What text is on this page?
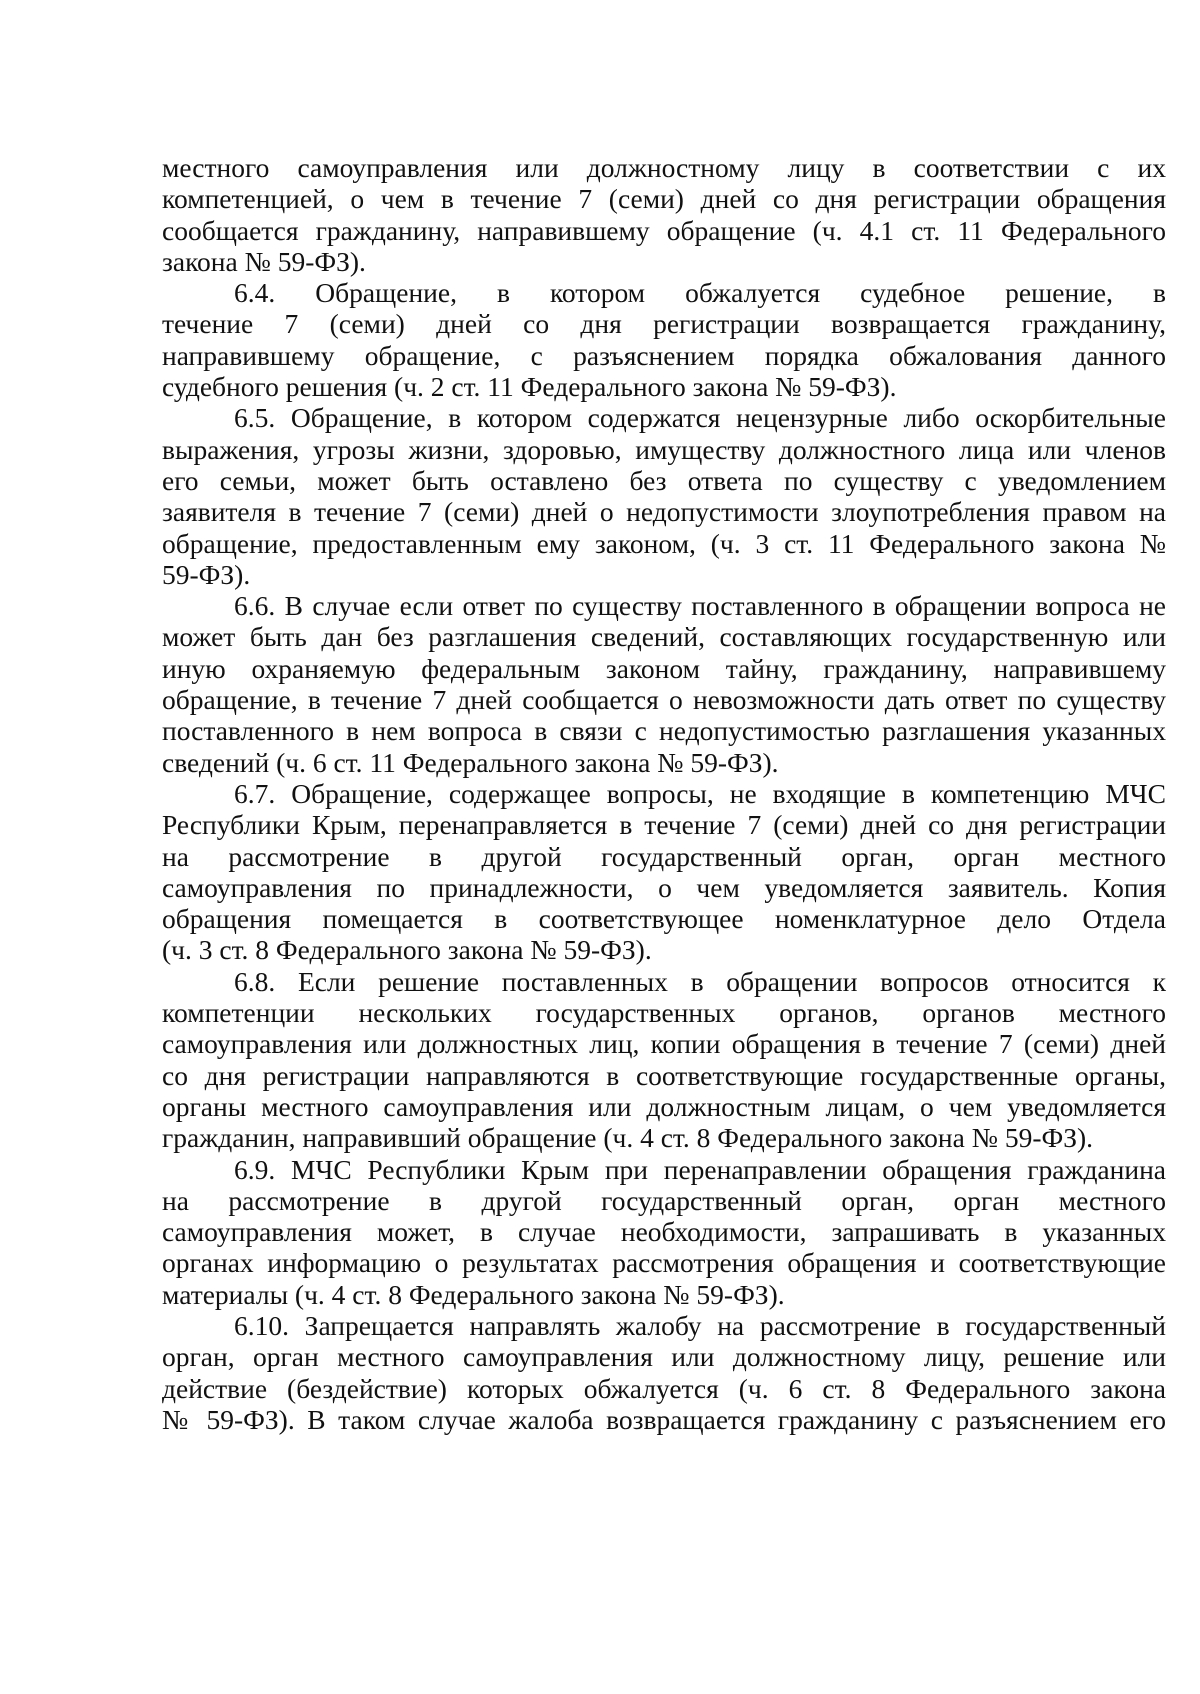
местного самоуправления или должностному лицу в соответствии с их
компетенцией, о чем в течение 7 (семи) дней со дня регистрации обращения
сообщается гражданину, направившему обращение (ч. 4.1 ст. 11 Федерального
закона № 59-ФЗ).
6.4. Обращение, в котором обжалуется судебное решение, в
течение 7 (семи) дней со дня регистрации возвращается гражданину,
направившему обращение, с разъяснением порядка обжалования данного
судебного решения (ч. 2 ст. 11 Федерального закона № 59-ФЗ).
6.5. Обращение, в котором содержатся нецензурные либо оскорбительные
выражения, угрозы жизни, здоровью, имуществу должностного лица или членов
его семьи, может быть оставлено без ответа по существу с уведомлением
заявителя в течение 7 (семи) дней о недопустимости злоупотребления правом на
обращение, предоставленным ему законом, (ч. 3 ст. 11 Федерального закона №
59-ФЗ).
6.6. В случае если ответ по существу поставленного в обращении вопроса не
может быть дан без разглашения сведений, составляющих государственную или
иную охраняемую федеральным законом тайну, гражданину, направившему
обращение, в течение 7 дней сообщается о невозможности дать ответ по существу
поставленного в нем вопроса в связи с недопустимостью разглашения указанных
сведений (ч. 6 ст. 11 Федерального закона № 59-ФЗ).
6.7. Обращение, содержащее вопросы, не входящие в компетенцию МЧС
Республики Крым, перенаправляется в течение 7 (семи) дней со дня регистрации
на рассмотрение в другой государственный орган, орган местного
самоуправления по принадлежности, о чем уведомляется заявитель. Копия
обращения помещается в соответствующее номенклатурное дело Отдела
(ч. 3 ст. 8 Федерального закона № 59-ФЗ).
6.8. Если решение поставленных в обращении вопросов относится к
компетенции нескольких государственных органов, органов местного
самоуправления или должностных лиц, копии обращения в течение 7 (семи) дней
со дня регистрации направляются в соответствующие государственные органы,
органы местного самоуправления или должностным лицам, о чем уведомляется
гражданин, направивший обращение (ч. 4 ст. 8 Федерального закона № 59-ФЗ).
6.9. МЧС Республики Крым при перенаправлении обращения гражданина
на рассмотрение в другой государственный орган, орган местного
самоуправления может, в случае необходимости, запрашивать в указанных
органах информацию о результатах рассмотрения обращения и соответствующие
материалы (ч. 4 ст. 8 Федерального закона № 59-ФЗ).
6.10. Запрещается направлять жалобу на рассмотрение в государственный
орган, орган местного самоуправления или должностному лицу, решение или
действие (бездействие) которых обжалуется (ч. 6 ст. 8 Федерального закона
№ 59-ФЗ). В таком случае жалоба возвращается гражданину с разъяснением его
